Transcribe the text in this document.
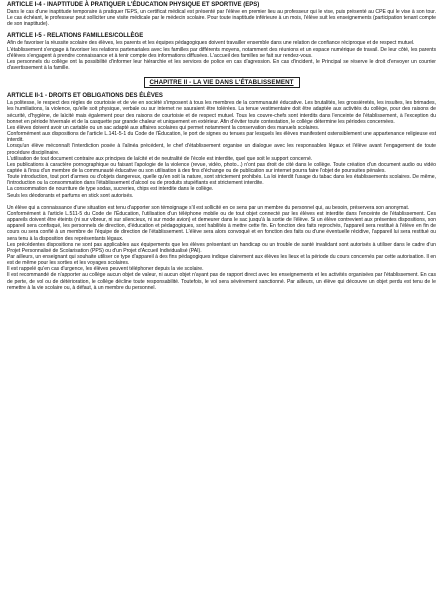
ARTICLE I-4 - INAPTITUDE À PRATIQUER L'ÉDUCATION PHYSIQUE ET SPORTIVE (EPS)

Dans le cas d'une inaptitude temporaire à pratiquer l'EPS, un certificat médical est présenté par l'élève en premier lieu au professeur qui le vise, puis présenté au CPE qui le vise à son tour. Le cas échéant, le professeur peut solliciter une visite médicale par le médecin scolaire. Pour toute inaptitude inférieure à un mois, l'élève suit les enseignements (participation tenant compte de son inaptitude).

ARTICLE I-5 - RELATIONS FAMILLES/COLLÈGE

Afin de favoriser la réussite scolaire des élèves, les parents et les équipes pédagogiques doivent travailler ensemble dans une relation de confiance réciproque et de respect mutuel.

L'établissement s'engage à favoriser les relations partenariales avec les familles par différents moyens, notamment des réunions et un espace numérique de travail. De leur côté, les parents d'élèves s'engagent à prendre connaissance et à tenir compte des informations diffusées. L'accueil des familles se fait sur rendez-vous.

Les personnels du collège ont la possibilité d'informer leur hiérarchie et les services de police en cas d'agression. En cas d'incident, le Principal se réserve le droit d'envoyer un courrier d'avertissement à la famille.

CHAPITRE II - LA VIE DANS L'ÉTABLISSEMENT

ARTICLE II-1 - DROITS ET OBLIGATIONS DES ÉLÈVES

La politesse, le respect des règles de courtoisie et de vie en société s'imposent à tous les membres de la communauté éducative. Les brutalités, les grossièretés, les insultes, les brimades, les humiliations, la violence, qu'elle soit physique, verbale ou sur internet ne sauraient être tolérées. La tenue vestimentaire doit être adaptée aux activités du collège, pour des raisons de sécurité, d'hygiène, de laïcité mais également pour des raisons de courtoisie et de respect mutuel. Tous les couvre-chefs sont interdits dans l'enceinte de l'établissement, à l'exception du bonnet en période hivernale et de la casquette par grande chaleur et uniquement en extérieur. Afin d'éviter toute contestation, le collège détermine les périodes concernées.

Les élèves doivent avoir un cartable ou un sac adapté aux affaires scolaires qui permet notamment la conservation des manuels scolaires.

Conformément aux dispositions de l'article L.141-5-1 du Code de l'Éducation, le port de signes ou tenues par lesquels les élèves manifestent ostensiblement une appartenance religieuse est interdit.

Lorsqu'un élève méconnaît l'interdiction posée à l'alinéa précédent, le chef d'établissement organise un dialogue avec les responsables légaux et l'élève avant l'engagement de toute procédure disciplinaire.

L'utilisation de tout document contraire aux principes de laïcité et de neutralité de l'école est interdite, quel que soit le support concerné.

Les publications à caractère pornographique ou faisant l'apologie de la violence (revue, vidéo, photo...) n'ont pas droit de cité dans le collège. Toute création d'un document audio ou vidéo captée à l'insu d'un membre de la communauté éducative ou son utilisation à des fins d'échange ou de publication sur internet pourra faire l'objet de poursuites pénales.

Toute introduction, tout port d'armes ou d'objets dangereux, quelle qu'en soit la nature, sont strictement prohibés. La loi interdit l'usage du tabac dans les établissements scolaires. De même, l'introduction ou la consommation dans l'établissement d'alcool ou de produits stupéfiants est strictement interdite.

La consommation de nourriture de type sodas, sucreries, chips est interdite dans le collège.

Seuls les déodorants et parfums en stick sont autorisés.

Un élève qui a connaissance d'une situation est tenu d'apporter son témoignage s'il est sollicité en ce sens par un membre du personnel qui, au besoin, préservera son anonymat.

Conformément à l'article L.511-5 du Code de l'Éducation, l'utilisation d'un téléphone mobile ou de tout objet connecté par les élèves est interdite dans l'enceinte de l'établissement. Ces appareils doivent être éteints (ni sur vibreur, ni sur silencieux, ni sur mode avion) et demeurer dans le sac jusqu'à la sortie de l'élève. Si un élève contrevient aux présentes dispositions, son appareil sera confisqué, les personnels de direction, d'éducation et pédagogiques, sont habilités à mettre cette fin. En fonction des faits reprochés, l'appareil sera restitué à l'élève en fin de cours ou sera confié à un membre de l'équipe de direction de l'établissement. L'élève sera alors convoqué et en fonction des faits ou d'une éventuelle récidive, l'appareil lui sera restitué ou sera tenu à la disposition des représentants légaux.

Les précédentes dispositions ne sont pas applicables aux équipements que les élèves présentant un handicap ou un trouble de santé invalidant sont autorisés à utiliser dans le cadre d'un Projet Personnalisé de Scolarisation (PPS) ou d'un Projet d'Accueil Individualisé (PAI).

Par ailleurs, un enseignant qui souhaite utiliser ce type d'appareil à des fins pédagogiques indique clairement aux élèves les lieux et la période du cours concernés par cette autorisation. Il en est de même pour les sorties et les voyages scolaires.

Il est rappelé qu'en cas d'urgence, les élèves peuvent téléphoner depuis la vie scolaire.

Il est recommandé de n'apporter au collège aucun objet de valeur, ni aucun objet n'ayant pas de rapport direct avec les enseignements et les activités organisées par l'établissement. En cas de perte, de vol ou de détérioration, le collège décline toute responsabilité. Toutefois, le vol sera sévèrement sanctionné. Par ailleurs, un élève qui découvre un objet perdu est tenu de le remettre à la vie scolaire ou, à défaut, à un membre du personnel.
